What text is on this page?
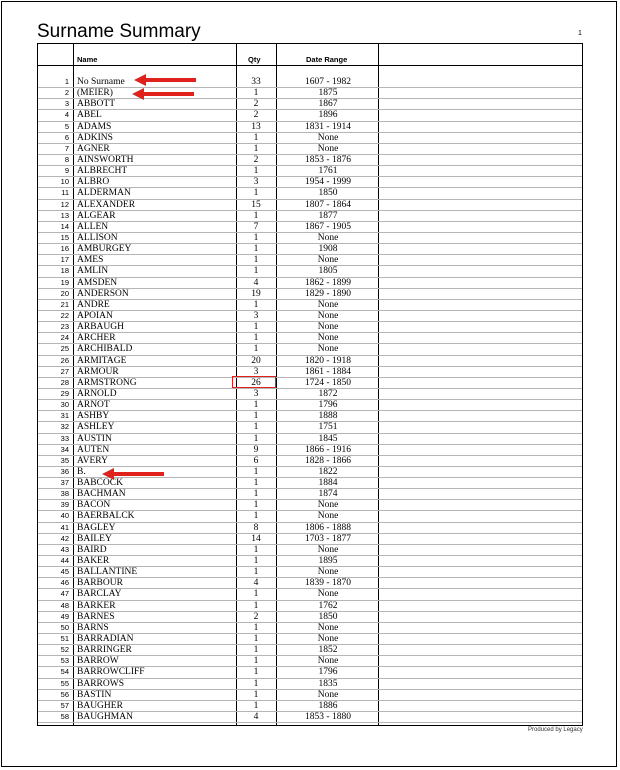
Surname Summary	1
Name	Qty	Date Range
1 No Surname	33	1607 - 1982
2 (MEIER)	1	1875
3 ABBOTT	2	1867
4 ABEL	2	1896
5 ADAMS	13	1831 - 1914
6 ADKINS	1	None
7 AGNER	1	None
8 AINSWORTH	2	1853 - 1876
9 ALBRECHT	1	1761
10 ALBRO	3	1954 - 1999
11 ALDERMAN	1	1850
12 ALEXANDER	15	1807 - 1864
13 ALGEAR	1	1877
14 ALLEN	7	1867 - 1905
15 ALLISON	1	None
16 AMBURGEY	1	1908
17 AMES	1	None
18 AMLIN	1	1805
19 AMSDEN	4	1862 - 1899
20 ANDERSON	19	1829 - 1890
21 ANDRE	1	None
22 APOIAN	3	None
23 ARBAUGH	1	None
24 ARCHER	1	None
25 ARCHIBALD	1	None
26 ARMITAGE	20	1820 - 1918
27 ARMOUR	3	1861 - 1884
28 ARMSTRONG	26	1724 - 1850
29 ARNOLD	3	1872
30 ARNOT	1	1796
31 ASHBY	1	1888
32 ASHLEY	1	1751
33 AUSTIN	1	1845
34 AUTEN	9	1866 - 1916
35 AVERY	6	1828 - 1866
36 B.	1	1822
37 BABCOCK	1	1884
38 BACHMAN	1	1874
39 BACON	1	None
40 BAERBALCK	1	None
41 BAGLEY	8	1806 - 1888
42 BAILEY	14	1703 - 1877
43 BAIRD	1	None
44 BAKER	1	1895
45 BALLANTINE	1	None
46 BARBOUR	4	1839 - 1870
47 BARCLAY	1	None
48 BARKER	1	1762
49 BARNES	2	1850
50 BARNS	1	None
51 BARRADIAN	1	None
52 BARRINGER	1	1852
53 BARROW	1	None
54 BARROWCLIFF	1	1796
55 BARROWS	1	1835
56 BASTIN	1	None
57 BAUGHER	1	1886
58 BAUGHMAN	4	1853 - 1880
Produced by Legacy
